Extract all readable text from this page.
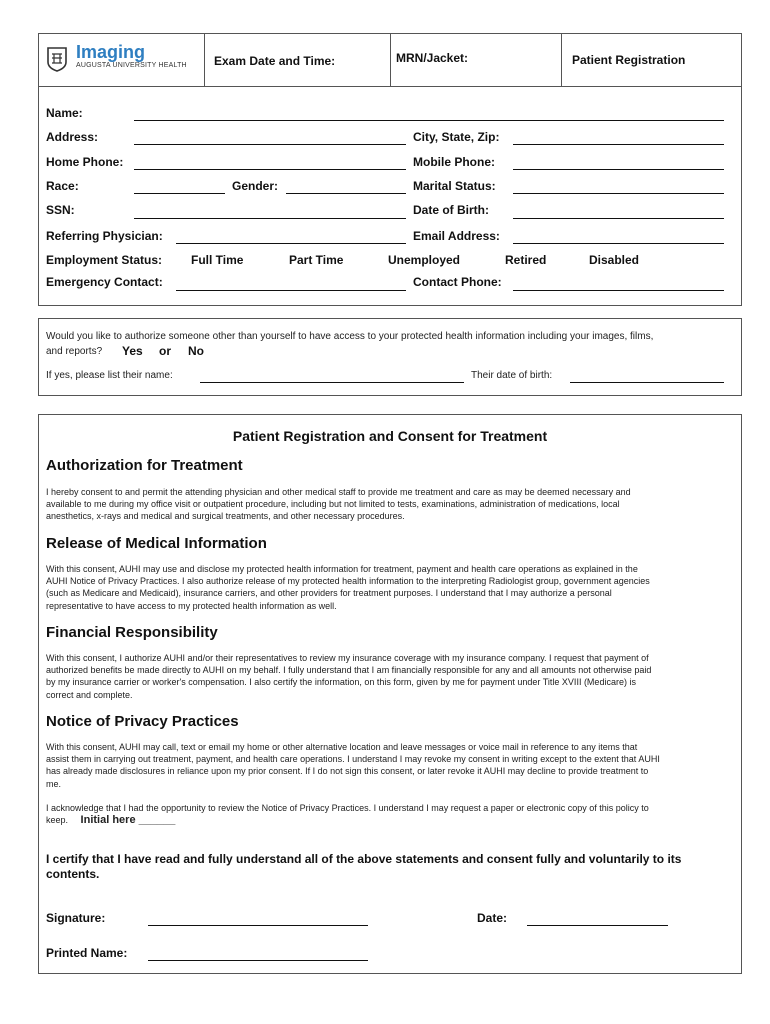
Imaging
AUGUSTA UNIVERSITY HEALTH Exam Date and Time:	MRN/Jacket:	Patient Registration
Name:
Address:	City, State, Zip:
Home Phone:	Mobile Phone:
Race:	Gender:	Marital Status:
SSN:	Date of Birth:
Referring Physician:	Email Address:
Employment Status: Full Time	Part Time	Unemployed	Retired	Disabled
Emergency Contact:	Contact Phone:
Would you like to authorize someone other than yourself to have access to your protected health information including your images, films,
and reports? Yes or No
If yes, please list their name:	Their date of birth:
Patient Registration and Consent for Treatment
Authorization for Treatment
I hereby consent to and permit the attending physician and other medical staff to provide me treatment and care as may be deemed necessary and
available to me during my office visit or outpatient procedure, including but not limited to tests, examinations, administration of medications, local
anesthetics, x-rays and medical and surgical treatments, and other necessary procedures.
Release of Medical Information
With this consent, AUHI may use and disclose my protected health information for treatment, payment and health care operations as explained in the
AUHI Notice of Privacy Practices. I also authorize release of my protected health information to the interpreting Radiologist group, government agencies
(such as Medicare and Medicaid), insurance carriers, and other providers for treatment purposes. I understand that I may authorize a personal
representative to have access to my protected health information as well.
Financial Responsibility
With this consent, I authorize AUHI and/or their representatives to review my insurance coverage with my insurance company. I request that payment of
authorized benefits be made directly to AUHI on my behalf. I fully understand that I am financially responsible for any and all amounts not otherwise paid
by my insurance carrier or worker's compensation. I also certify the information, on this form, given by me for payment under Title XVIII (Medicare) is
correct and complete.
Notice of Privacy Practices
With this consent, AUHI may call, text or email my home or other alternative location and leave messages or voice mail in reference to any items that
assist them in carrying out treatment, payment, and health care operations. I understand I may revoke my consent in writing except to the extent that AUHI
has already made disclosures in reliance upon my prior consent. If I do not sign this consent, or later revoke it AUHI may decline to provide treatment to
me.
I acknowledge that I had the opportunity to review the Notice of Privacy Practices. I understand I may request a paper or electronic copy of this policy to
keep. Initial here ______
I certify that I have read and fully understand all of the above statements and consent fully and voluntarily to its
contents.
Signature:	Date:
Printed Name:
